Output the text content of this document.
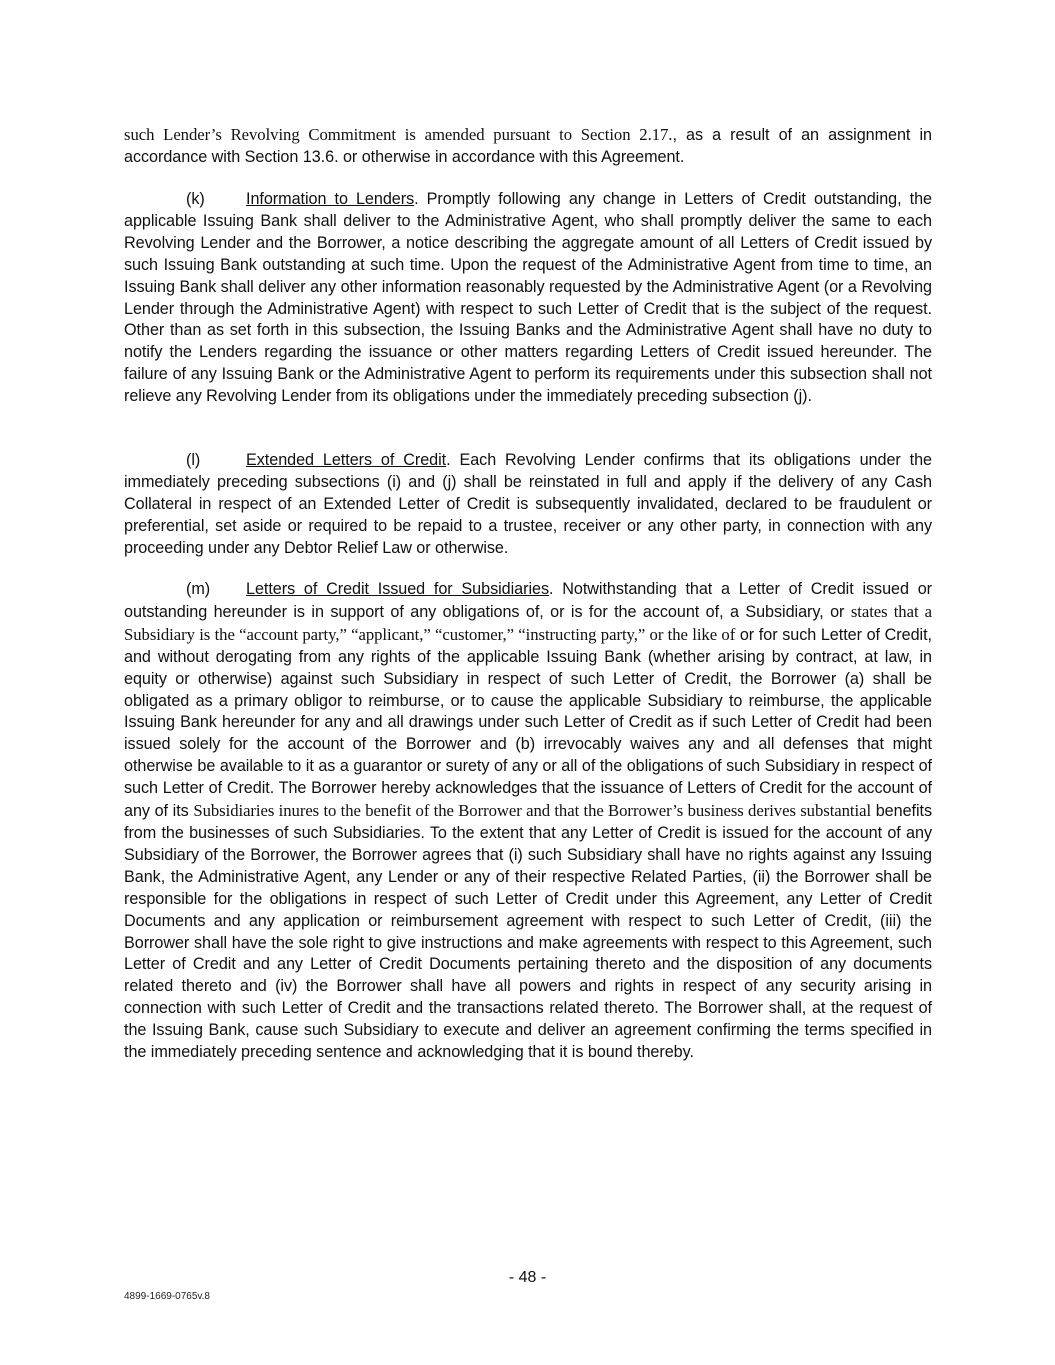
such Lender’s Revolving Commitment is amended pursuant to Section 2.17., as a result of an assignment in accordance with Section 13.6. or otherwise in accordance with this Agreement.

(k)	Information to Lenders. Promptly following any change in Letters of Credit outstanding, the applicable Issuing Bank shall deliver to the Administrative Agent, who shall promptly deliver the same to each Revolving Lender and the Borrower, a notice describing the aggregate amount of all Letters of Credit issued by such Issuing Bank outstanding at such time. Upon the request of the Administrative Agent from time to time, an Issuing Bank shall deliver any other information reasonably requested by the Administrative Agent (or a Revolving Lender through the Administrative Agent) with respect to such Letter of Credit that is the subject of the request. Other than as set forth in this subsection, the Issuing Banks and the Administrative Agent shall have no duty to notify the Lenders regarding the issuance or other matters regarding Letters of Credit issued hereunder. The failure of any Issuing Bank or the Administrative Agent to perform its requirements under this subsection shall not relieve any Revolving Lender from its obligations under the immediately preceding subsection (j).

(l)	Extended Letters of Credit. Each Revolving Lender confirms that its obligations under the immediately preceding subsections (i) and (j) shall be reinstated in full and apply if the delivery of any Cash Collateral in respect of an Extended Letter of Credit is subsequently invalidated, declared to be fraudulent or preferential, set aside or required to be repaid to a trustee, receiver or any other party, in connection with any proceeding under any Debtor Relief Law or otherwise.

(m) Letters of Credit Issued for Subsidiaries. Notwithstanding that a Letter of Credit issued or outstanding hereunder is in support of any obligations of, or is for the account of, a Subsidiary, or states that a Subsidiary is the “account party,” “applicant,” “customer,” “instructing party,” or the like of or for such Letter of Credit, and without derogating from any rights of the applicable Issuing Bank (whether arising by contract, at law, in equity or otherwise) against such Subsidiary in respect of such Letter of Credit, the Borrower (a) shall be obligated as a primary obligor to reimburse, or to cause the applicable Subsidiary to reimburse, the applicable Issuing Bank hereunder for any and all drawings under such Letter of Credit as if such Letter of Credit had been issued solely for the account of the Borrower and (b) irrevocably waives any and all defenses that might otherwise be available to it as a guarantor or surety of any or all of the obligations of such Subsidiary in respect of such Letter of Credit. The Borrower hereby acknowledges that the issuance of Letters of Credit for the account of any of its Subsidiaries inures to the benefit of the Borrower and that the Borrower’s business derives substantial benefits from the businesses of such Subsidiaries. To the extent that any Letter of Credit is issued for the account of any Subsidiary of the Borrower, the Borrower agrees that (i) such Subsidiary shall have no rights against any Issuing Bank, the Administrative Agent, any Lender or any of their respective Related Parties, (ii) the Borrower shall be responsible for the obligations in respect of such Letter of Credit under this Agreement, any Letter of Credit Documents and any application or reimbursement agreement with respect to such Letter of Credit, (iii) the Borrower shall have the sole right to give instructions and make agreements with respect to this Agreement, such Letter of Credit and any Letter of Credit Documents pertaining thereto and the disposition of any documents related thereto and (iv) the Borrower shall have all powers and rights in respect of any security arising in connection with such Letter of Credit and the transactions related thereto. The Borrower shall, at the request of the Issuing Bank, cause such Subsidiary to execute and deliver an agreement confirming the terms specified in the immediately preceding sentence and acknowledging that it is bound thereby.

- 48 -
4899-1669-0765v.8
